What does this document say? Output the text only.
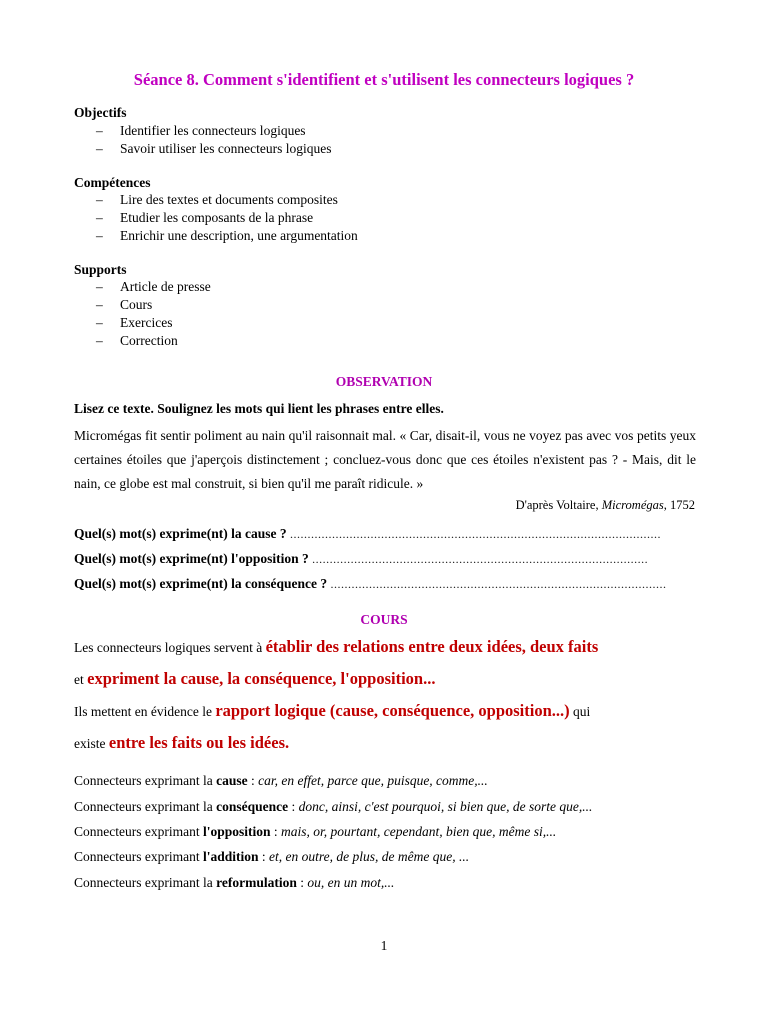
Séance 8. Comment s'identifient et s'utilisent les connecteurs logiques ?
Objectifs
– Identifier les connecteurs logiques
– Savoir utiliser les connecteurs logiques
Compétences
– Lire des textes et documents composites
– Etudier les composants de la phrase
– Enrichir une description, une argumentation
Supports
– Article de presse
– Cours
– Exercices
– Correction
OBSERVATION
Lisez ce texte. Soulignez les mots qui lient les phrases entre elles.
Micromégas fit sentir poliment au nain qu'il raisonnait mal. « Car, disait-il, vous ne voyez pas avec vos petits yeux certaines étoiles que j'aperçois distinctement ; concluez-vous donc que ces étoiles n'existent pas ? - Mais, dit le nain, ce globe est mal construit, si bien qu'il me paraît ridicule. »
D'après Voltaire, Micromégas, 1752
Quel(s) mot(s) exprime(nt) la cause ? ..........................................................................................................
Quel(s) mot(s) exprime(nt) l'opposition ? ................................................................................................
Quel(s) mot(s) exprime(nt) la conséquence ? ................................................................................................
COURS
Les connecteurs logiques servent à établir des relations entre deux idées, deux faits
et expriment la cause, la conséquence, l'opposition...
Ils mettent en évidence le rapport logique (cause, conséquence, opposition...) qui
existe entre les faits ou les idées.
Connecteurs exprimant la cause : car, en effet, parce que, puisque, comme,...
Connecteurs exprimant la conséquence : donc, ainsi, c'est pourquoi, si bien que, de sorte que,...
Connecteurs exprimant l'opposition : mais, or, pourtant, cependant, bien que, même si,...
Connecteurs exprimant l'addition : et, en outre, de plus, de même que, ...
Connecteurs exprimant la reformulation : ou, en un mot,...
1
